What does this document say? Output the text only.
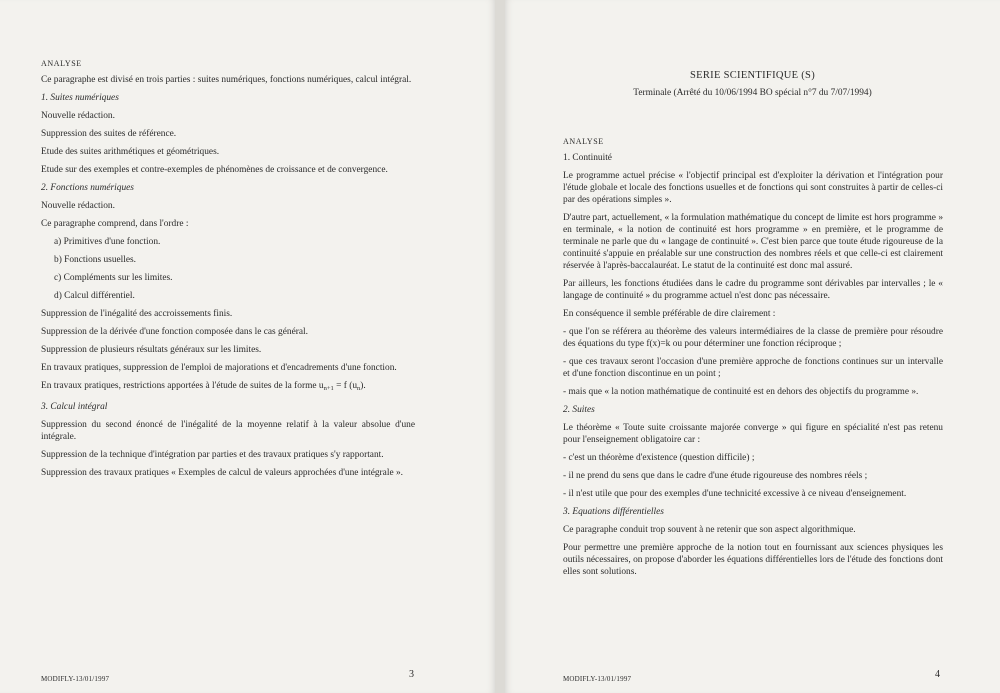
ANALYSE

Ce paragraphe est divisé en trois parties : suites numériques, fonctions numériques, calcul intégral.

1. Suites numériques

Nouvelle rédaction.

Suppression des suites de référence.

Etude des suites arithmétiques et géométriques.

Etude sur des exemples et contre-exemples de phénomènes de croissance et de convergence.

2. Fonctions numériques

Nouvelle rédaction.

Ce paragraphe comprend, dans l'ordre :

a) Primitives d'une fonction.

b) Fonctions usuelles.

c) Compléments sur les limites.

d) Calcul différentiel.

Suppression de l'inégalité des accroissements finis.

Suppression de la dérivée d'une fonction composée dans le cas général.

Suppression de plusieurs résultats généraux sur les limites.

En travaux pratiques, suppression de l'emploi de majorations et d'encadrements d'une fonction.

En travaux pratiques, restrictions apportées à l'étude de suites de la forme $u_{n+1} = f$ $(u_n)$.

3. Calcul intégral

Suppression du second énoncé de l'inégalité de la moyenne relatif à la valeur absolue d'une intégrale.

Suppression de la technique d'intégration par parties et des travaux pratiques s'y rapportant.

Suppression des travaux pratiques « Exemples de calcul de valeurs approchées d'une intégrale ».

MODIFLY-13/01/1997	3
SERIE SCIENTIFIQUE (S)
Terminale (Arrêté du 10/06/1994 BO spécial n°7 du 7/07/1994)
ANALYSE

1. Continuité

Le programme actuel précise « l'objectif principal est d'exploiter la dérivation et l'intégration pour l'étude globale et locale des fonctions usuelles et de fonctions qui sont construites à partir de celles-ci par des opérations simples ».

D'autre part, actuellement, « la formulation mathématique du concept de limite est hors programme » en terminale, « la notion de continuité est hors programme » en première, et le programme de terminale ne parle que du « langage de continuité ». C'est bien parce que toute étude rigoureuse de la continuité s'appuie en préalable sur une construction des nombres réels et que celle-ci est clairement réservée à l'après-baccalauréat. Le statut de la continuité est donc mal assuré.

Par ailleurs, les fonctions étudiées dans le cadre du programme sont dérivables par intervalles ; le « langage de continuité » du programme actuel n'est donc pas nécessaire.

En conséquence il semble préférable de dire clairement :

- que l'on se référera au théorème des valeurs intermédiaires de la classe de première pour résoudre des équations du type f(x)=k ou pour déterminer une fonction réciproque ;

- que ces travaux seront l'occasion d'une première approche de fonctions continues sur un intervalle et d'une fonction discontinue en un point ;

- mais que « la notion mathématique de continuité est en dehors des objectifs du programme ».

2. Suites

Le théorème « Toute suite croissante majorée converge » qui figure en spécialité n'est pas retenu pour l'enseignement obligatoire car :

- c'est un théorème d'existence (question difficile) ;

- il ne prend du sens que dans le cadre d'une étude rigoureuse des nombres réels ;

- il n'est utile que pour des exemples d'une technicité excessive à ce niveau d'enseignement.

3. Equations différentielles

Ce paragraphe conduit trop souvent à ne retenir que son aspect algorithmique.

Pour permettre une première approche de la notion tout en fournissant aux sciences physiques les outils nécessaires, on propose d'aborder les équations différentielles lors de l'étude des fonctions dont elles sont solutions.

MODIFLY-13/01/1997	4
